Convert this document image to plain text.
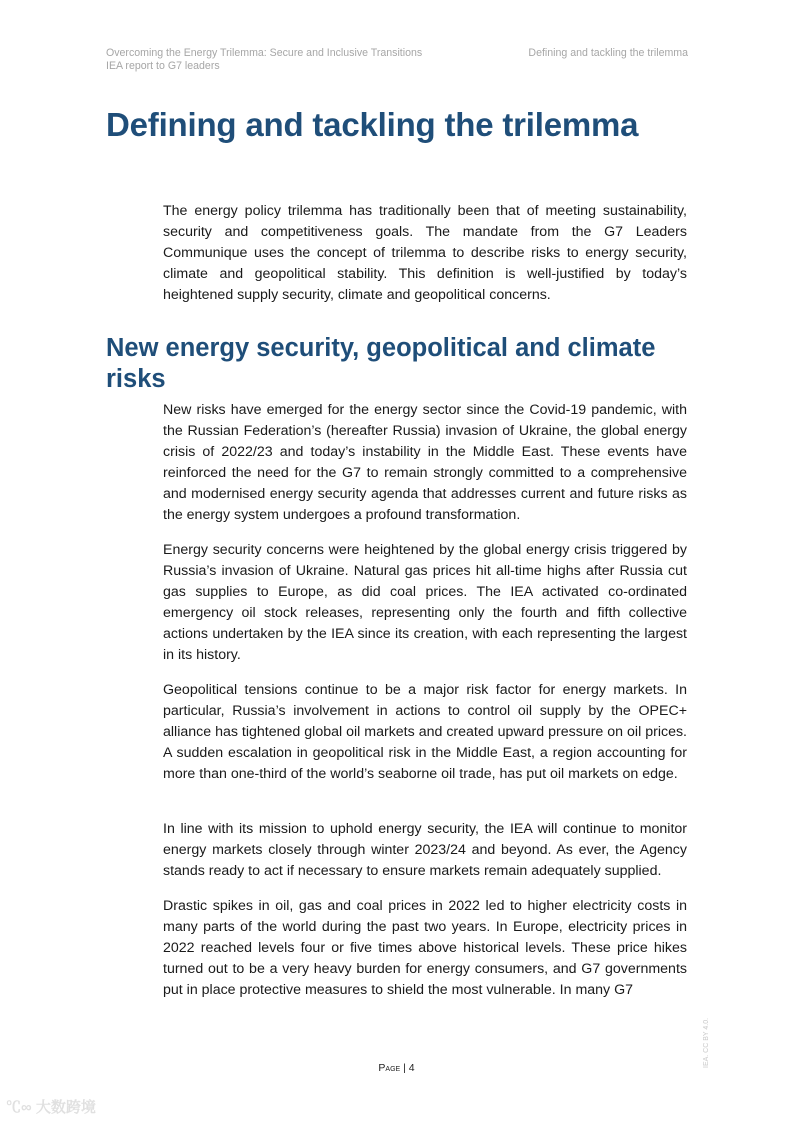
Overcoming the Energy Trilemma: Secure and Inclusive Transitions
IEA report to G7 leaders
Defining and tackling the trilemma
Defining and tackling the trilemma

The energy policy trilemma has traditionally been that of meeting sustainability, security and competitiveness goals. The mandate from the G7 Leaders Communique uses the concept of trilemma to describe risks to energy security, climate and geopolitical stability. This definition is well-justified by today’s heightened supply security, climate and geopolitical concerns.

New energy security, geopolitical and climate risks

New risks have emerged for the energy sector since the Covid-19 pandemic, with the Russian Federation’s (hereafter Russia) invasion of Ukraine, the global energy crisis of 2022/23 and today’s instability in the Middle East. These events have reinforced the need for the G7 to remain strongly committed to a comprehensive and modernised energy security agenda that addresses current and future risks as the energy system undergoes a profound transformation.

Energy security concerns were heightened by the global energy crisis triggered by Russia’s invasion of Ukraine. Natural gas prices hit all-time highs after Russia cut gas supplies to Europe, as did coal prices. The IEA activated co-ordinated emergency oil stock releases, representing only the fourth and fifth collective actions undertaken by the IEA since its creation, with each representing the largest in its history.

Geopolitical tensions continue to be a major risk factor for energy markets. In particular, Russia’s involvement in actions to control oil supply by the OPEC+ alliance has tightened global oil markets and created upward pressure on oil prices. A sudden escalation in geopolitical risk in the Middle East, a region accounting for more than one-third of the world’s seaborne oil trade, has put oil markets on edge.

In line with its mission to uphold energy security, the IEA will continue to monitor energy markets closely through winter 2023/24 and beyond. As ever, the Agency stands ready to act if necessary to ensure markets remain adequately supplied.

Drastic spikes in oil, gas and coal prices in 2022 led to higher electricity costs in many parts of the world during the past two years. In Europe, electricity prices in 2022 reached levels four or five times above historical levels. These price hikes turned out to be a very heavy burden for energy consumers, and G7 governments put in place protective measures to shield the most vulnerable. In many G7

Page | 4	IEA. CC BY 4.0.
℃∞ 大数跨境
